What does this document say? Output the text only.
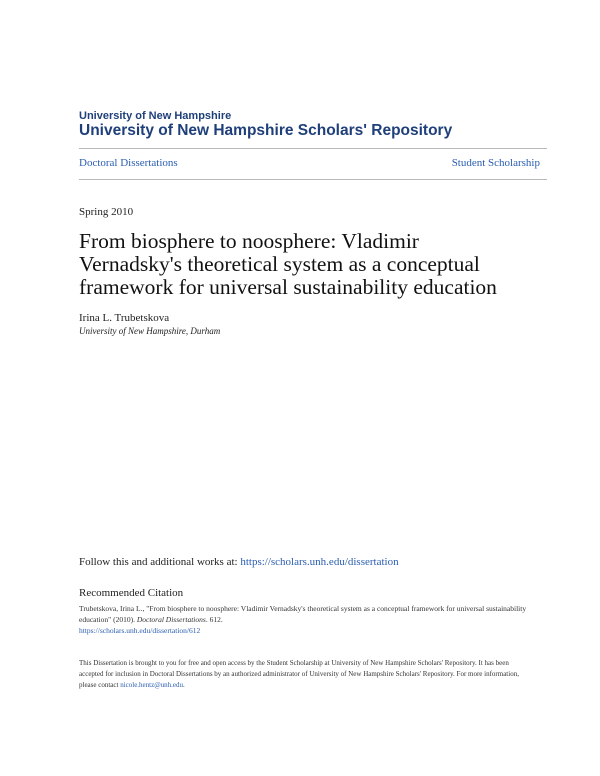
University of New Hampshire
University of New Hampshire Scholars' Repository
Doctoral Dissertations	Student Scholarship
Spring 2010
From biosphere to noosphere: Vladimir Vernadsky's theoretical system as a conceptual framework for universal sustainability education
Irina L. Trubetskova
University of New Hampshire, Durham
Follow this and additional works at: https://scholars.unh.edu/dissertation
Recommended Citation
Trubetskova, Irina L., "From biosphere to noosphere: Vladimir Vernadsky's theoretical system as a conceptual framework for universal sustainability education" (2010). Doctoral Dissertations. 612.
https://scholars.unh.edu/dissertation/612
This Dissertation is brought to you for free and open access by the Student Scholarship at University of New Hampshire Scholars' Repository. It has been accepted for inclusion in Doctoral Dissertations by an authorized administrator of University of New Hampshire Scholars' Repository. For more information, please contact nicole.hentz@unh.edu.
